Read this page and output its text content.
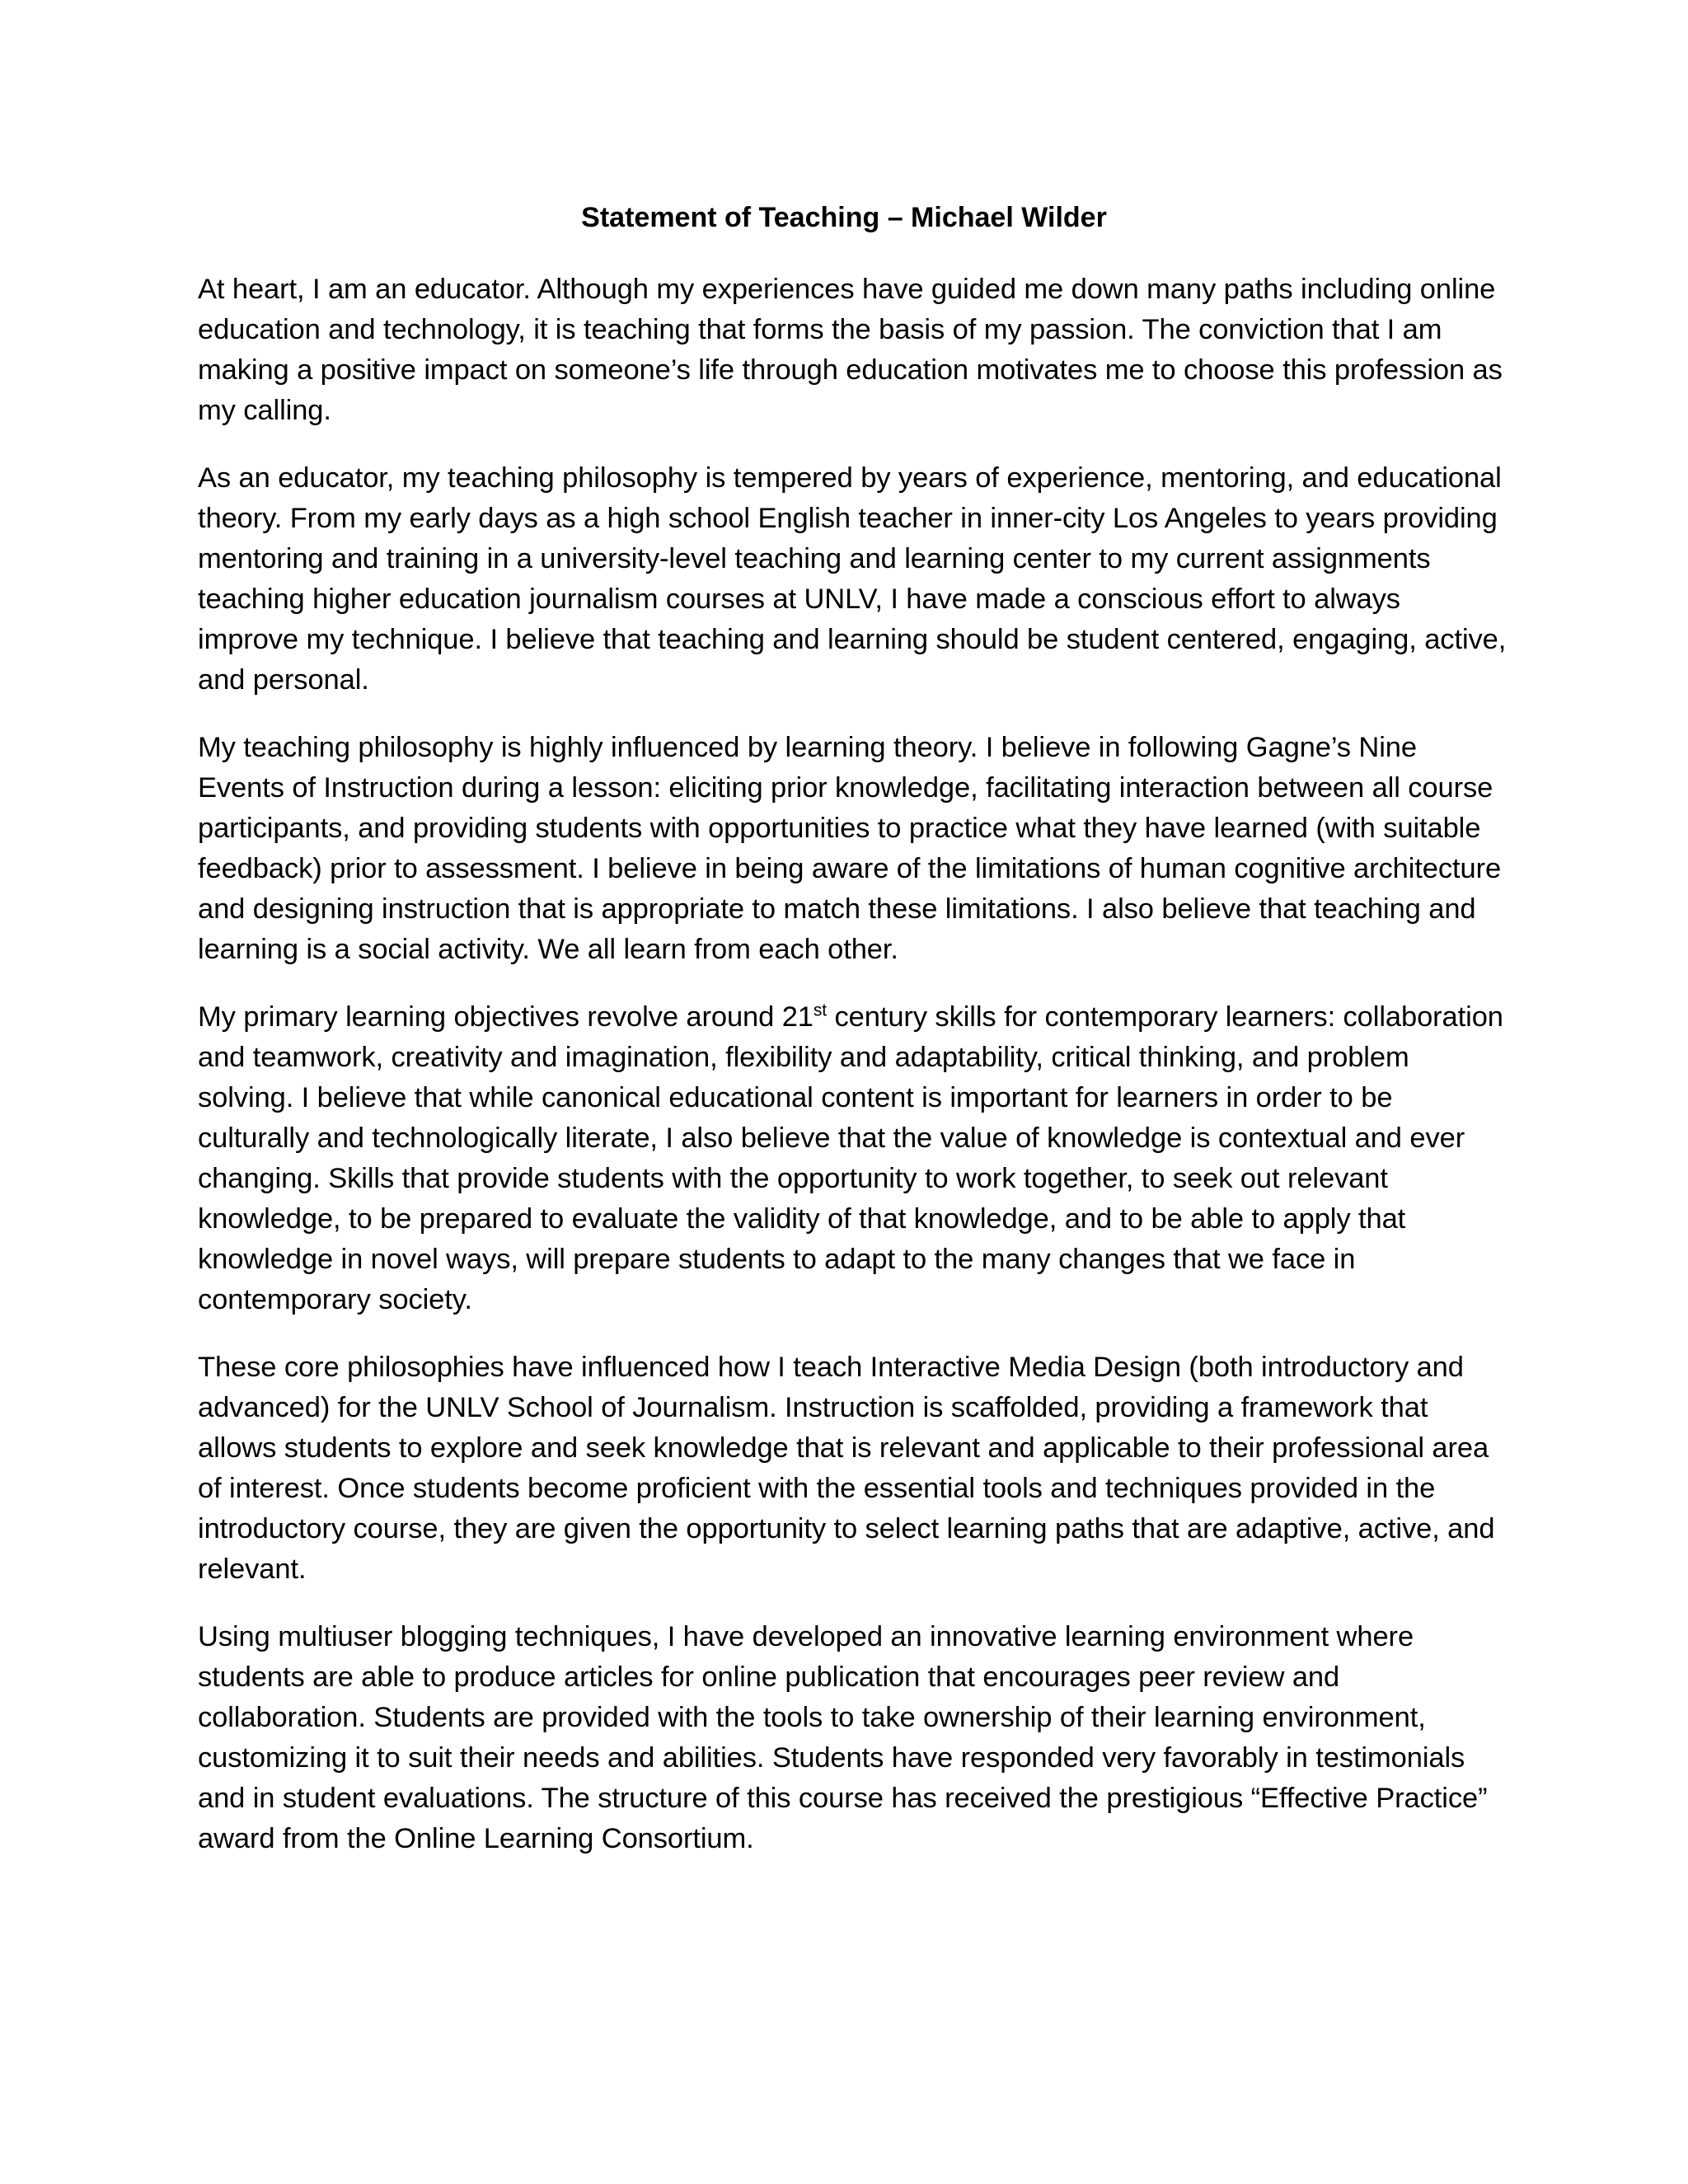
Statement of Teaching – Michael Wilder

At heart, I am an educator. Although my experiences have guided me down many paths including online education and technology, it is teaching that forms the basis of my passion. The conviction that I am making a positive impact on someone’s life through education motivates me to choose this profession as my calling.

As an educator, my teaching philosophy is tempered by years of experience, mentoring, and educational theory. From my early days as a high school English teacher in inner-city Los Angeles to years providing mentoring and training in a university-level teaching and learning center to my current assignments teaching higher education journalism courses at UNLV, I have made a conscious effort to always improve my technique. I believe that teaching and learning should be student centered, engaging, active, and personal.

My teaching philosophy is highly influenced by learning theory. I believe in following Gagne’s Nine Events of Instruction during a lesson: eliciting prior knowledge, facilitating interaction between all course participants, and providing students with opportunities to practice what they have learned (with suitable feedback) prior to assessment. I believe in being aware of the limitations of human cognitive architecture and designing instruction that is appropriate to match these limitations. I also believe that teaching and learning is a social activity. We all learn from each other.

My primary learning objectives revolve around 21st century skills for contemporary learners: collaboration and teamwork, creativity and imagination, flexibility and adaptability, critical thinking, and problem solving. I believe that while canonical educational content is important for learners in order to be culturally and technologically literate, I also believe that the value of knowledge is contextual and ever changing. Skills that provide students with the opportunity to work together, to seek out relevant knowledge, to be prepared to evaluate the validity of that knowledge, and to be able to apply that knowledge in novel ways, will prepare students to adapt to the many changes that we face in contemporary society.

These core philosophies have influenced how I teach Interactive Media Design (both introductory and advanced) for the UNLV School of Journalism. Instruction is scaffolded, providing a framework that allows students to explore and seek knowledge that is relevant and applicable to their professional area of interest. Once students become proficient with the essential tools and techniques provided in the introductory course, they are given the opportunity to select learning paths that are adaptive, active, and relevant.

Using multiuser blogging techniques, I have developed an innovative learning environment where students are able to produce articles for online publication that encourages peer review and collaboration. Students are provided with the tools to take ownership of their learning environment, customizing it to suit their needs and abilities. Students have responded very favorably in testimonials and in student evaluations. The structure of this course has received the prestigious “Effective Practice” award from the Online Learning Consortium.
